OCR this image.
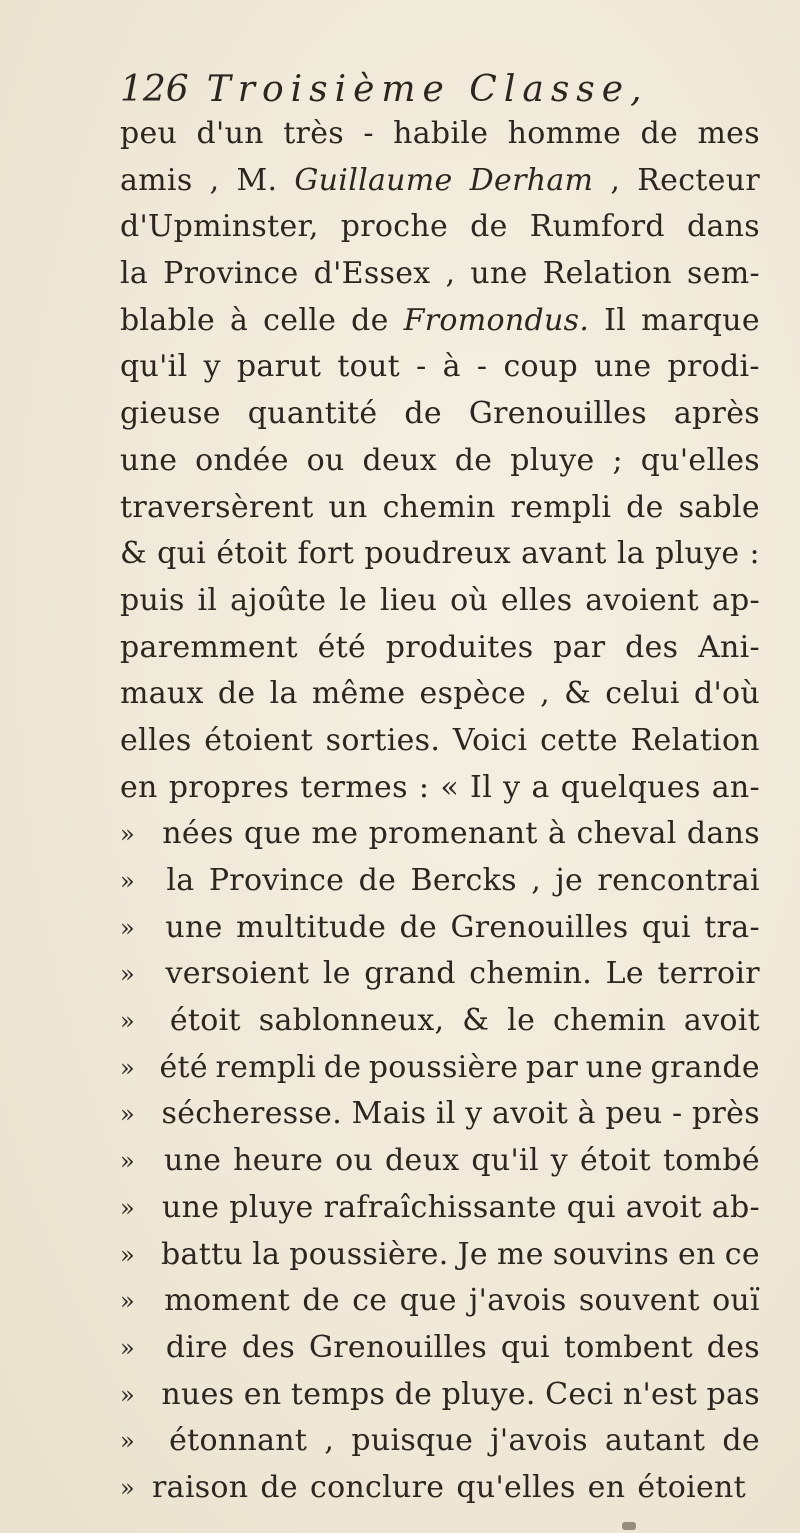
126 Troisième Classe,
peu d'un très - habile homme de mes
amis , M. Guillaume Derham , Recteur
d'Upminster, proche de Rumford dans
la Province d'Essex , une Relation sem-
blable à celle de Fromondus. Il marque
qu'il y parut tout - à - coup une prodi-
gieuse quantité de Grenouilles après
une ondée ou deux de pluye ; qu'elles
traversèrent un chemin rempli de sable
& qui étoit fort poudreux avant la pluye :
puis il ajoûte le lieu où elles avoient ap-
paremment été produites par des Ani-
maux de la même espèce , & celui d'où
elles étoient sorties. Voici cette Relation
en propres termes : « Il y a quelques an-
» nées que me promenant à cheval dans
»	la Province de Bercks , je rencontrai
»	une multitude de Grenouilles qui tra-
»	versoient le grand chemin. Le terroir
»	étoit sablonneux, & le chemin avoit
» été rempli de poussière par une grande
» sécheresse. Mais il y avoit à peu - près
» une heure ou deux qu'il y étoit tombé
» une pluye rafraîchissante qui avoit ab-
» battu la poussière. Je me souvins en ce
» moment de ce que j'avois souvent ouï
»	dire des Grenouilles qui tombent des
» nues en temps de pluye. Ceci n'est pas
»	étonnant , puisque j'avois autant de
» raison de conclure qu'elles en étoient
